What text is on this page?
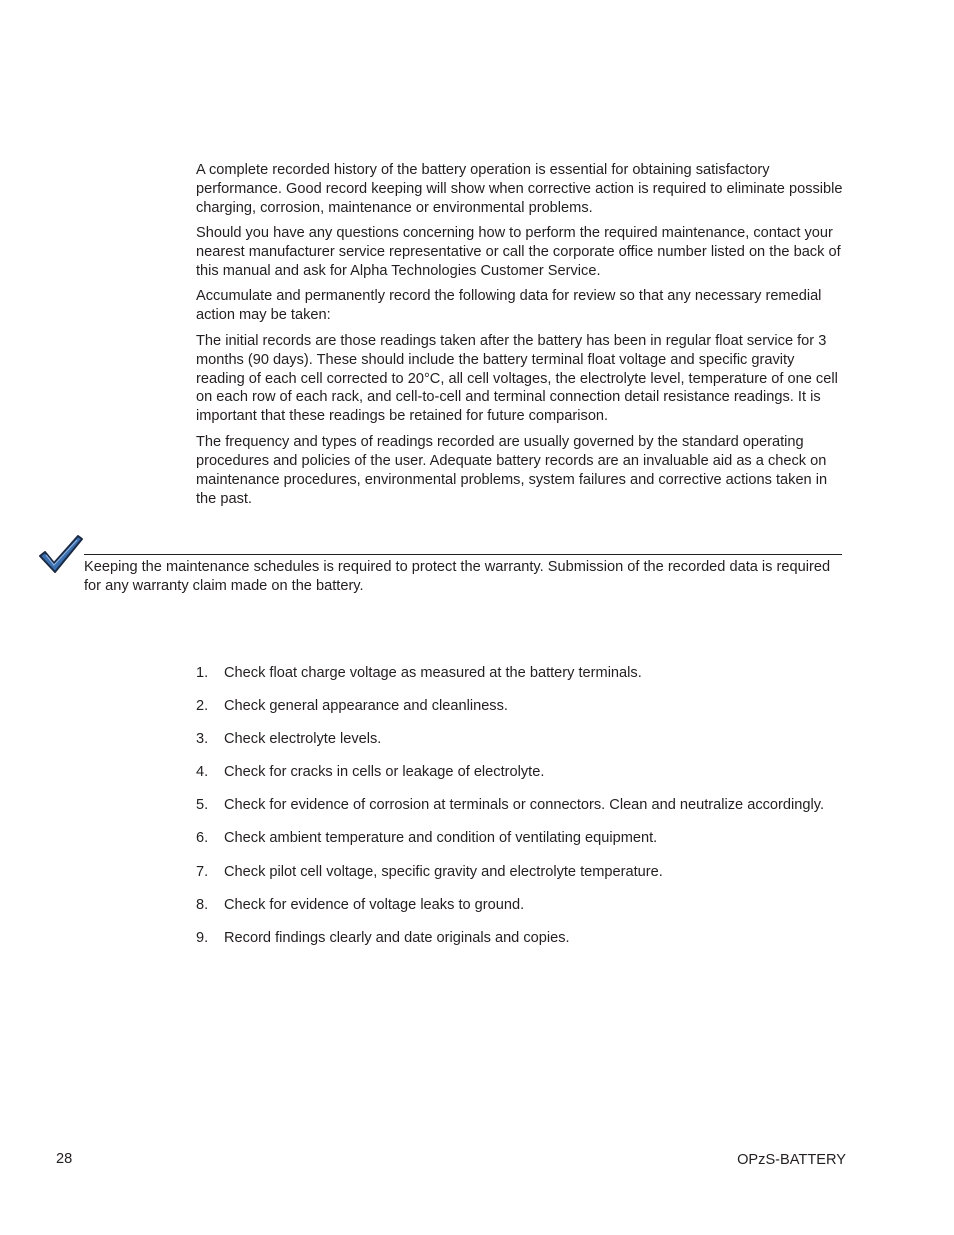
A complete recorded history of the battery operation is essential for obtaining satisfactory performance. Good record keeping will show when corrective action is required to eliminate possible charging, corrosion, maintenance or environmental problems.

Should you have any questions concerning how to perform the required maintenance, contact your nearest manufacturer service representative or call the corporate office number listed on the back of this manual and ask for Alpha Technologies Customer Service.

Accumulate and permanently record the following data for review so that any necessary remedial action may be taken:

The initial records are those readings taken after the battery has been in regular float service for 3 months (90 days). These should include the battery terminal float voltage and specific gravity reading of each cell corrected to 20°C, all cell voltages, the electrolyte level, temperature of one cell on each row of each rack, and cell-to-cell and terminal connection detail resistance readings. It is important that these readings be retained for future comparison.

The frequency and types of readings recorded are usually governed by the standard operating procedures and policies of the user. Adequate battery records are an invaluable aid as a check on maintenance procedures, environmental problems, system failures and corrective actions taken in the past.

Keeping the maintenance schedules is required to protect the warranty. Submission of the recorded data is required for any warranty claim made on the battery.

1.	Check float charge voltage as measured at the battery terminals.
2.	Check general appearance and cleanliness.
3.	Check electrolyte levels.
4.	Check for cracks in cells or leakage of electrolyte.
5.	Check for evidence of corrosion at terminals or connectors. Clean and neutralize accordingly.
6.	Check ambient temperature and condition of ventilating equipment.
7.	Check pilot cell voltage, specific gravity and electrolyte temperature.
8.	Check for evidence of voltage leaks to ground.
9.	Record findings clearly and date originals and copies.
28	OPzS-BATTERY
